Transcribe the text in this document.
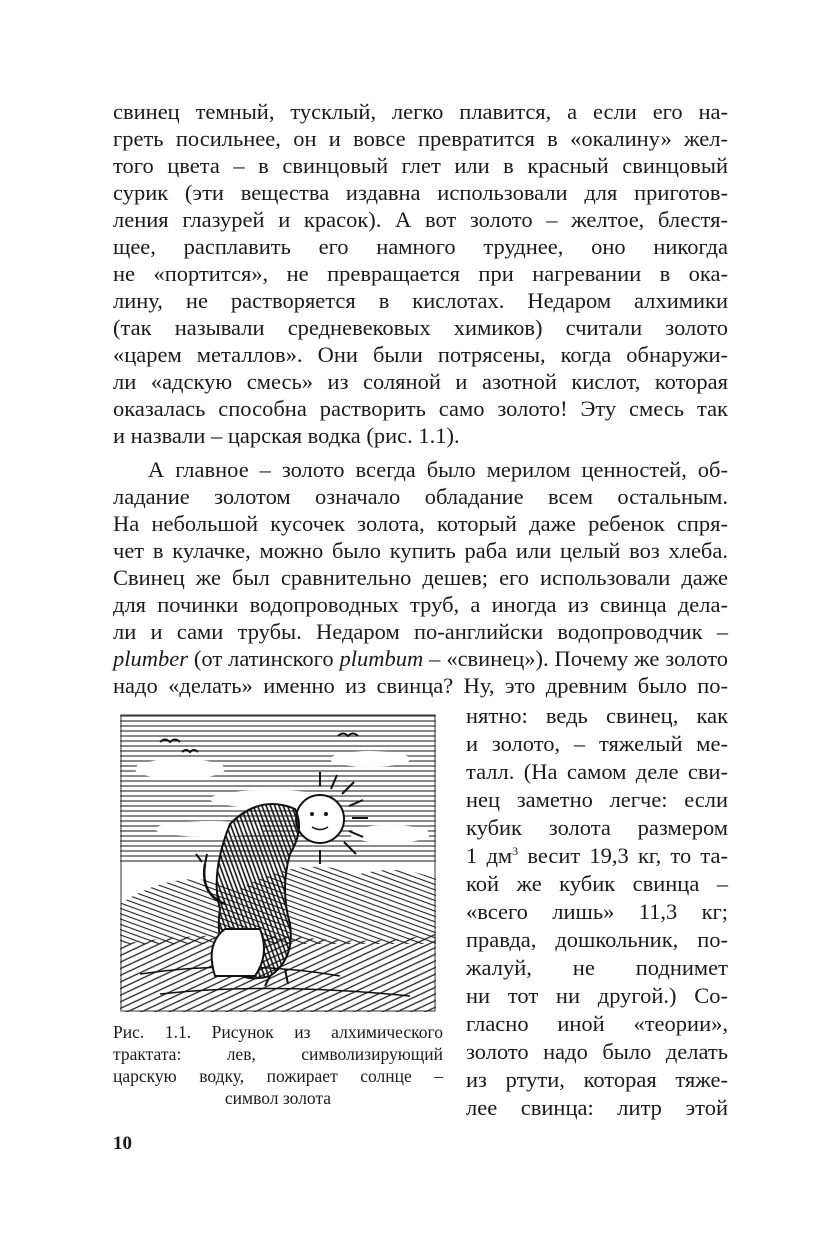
свинец темный, тусклый, легко плавится, а если его на-
греть посильнее, он и вовсе превратится в «окалину» жел-
того цвета – в свинцовый глет или в красный свинцовый
сурик (эти вещества издавна использовали для приготов-
ления глазурей и красок). А вот золото – желтое, блестя-
щее, расплавить его намного труднее, оно никогда
не «портится», не превращается при нагревании в ока-
лину, не растворяется в кислотах. Недаром алхимики
(так называли средневековых химиков) считали золото
«царем металлов». Они были потрясены, когда обнаружи-
ли «адскую смесь» из соляной и азотной кислот, которая
оказалась способна растворить само золото! Эту смесь так
и назвали – царская водка (рис. 1.1).
А главное – золото всегда было мерилом ценностей, об-
ладание золотом означало обладание всем остальным.
На небольшой кусочек золота, который даже ребенок спря-
чет в кулачке, можно было купить раба или целый воз хлеба.
Свинец же был сравнительно дешев; его использовали даже
для починки водопроводных труб, а иногда из свинца дела-
ли и сами трубы. Недаром по-английски водопроводчик –
plumber (от латинского plumbum – «свинец»). Почему же золото
надо «делать» именно из свинца? Ну, это древним было по-
нятно: ведь свинец, как
и золото, – тяжелый ме-
талл. (На самом деле сви-
нец заметно легче: если
кубик золота размером
1 $дм^3$ весит 19,3 кг, то та-
кой же кубик свинца –
«всего лишь» 11,3 кг;
правда, дошкольник, по-
жалуй, не поднимет
ни тот ни другой.) Со-
гласно иной «теории»,
золото надо было делать
из ртути, которая тяже-
лее свинца: литр этой
Рис. 1.1. Рисунок из алхимического
трактата: лев, символизирующий
царскую водку, пожирает солнце –
символ золота
10
